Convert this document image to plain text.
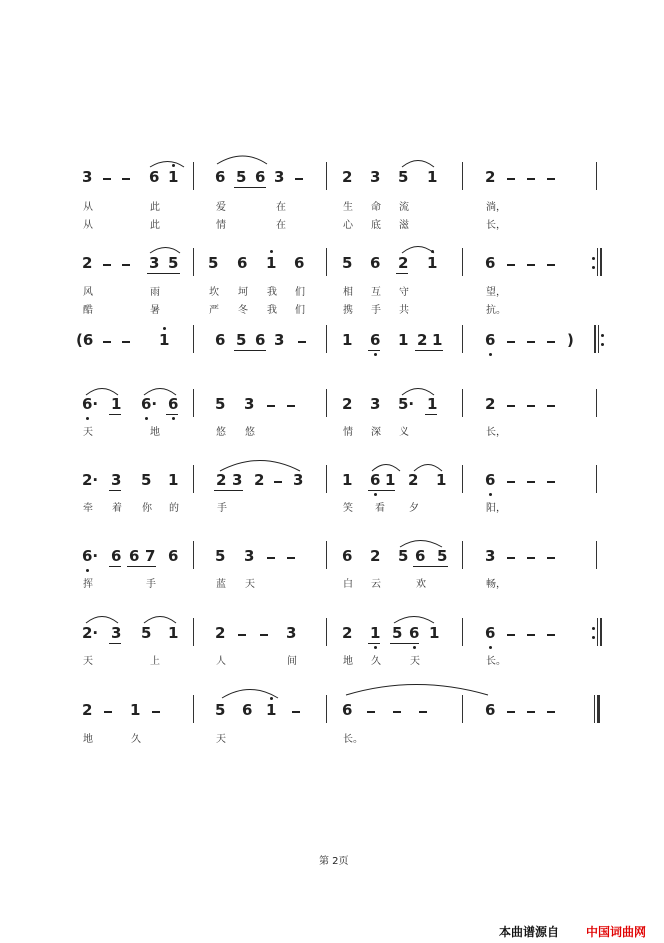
3	6 1 6 5 6 3	2 3 5 1	2
从	此	爱	在	生 命 流	淌，
从	此	情	在	心 底 滋	长，
2	3 5 5 6 1 6	5 6 2 1	6
风	雨	坎 坷 我 们	相 互 守	望，
酷	暑	严 冬 我 们	携 手 共	抗。
(6	1	6 5 6 3	1 6 1 2 1	6	)
6· 1 6· 6 5 3	2 3 5· 1	2
天	地	悠 悠	情 深 义	长，
2· 3 5 1	2 3 2 3	1 6 1 2 1	6
牵 着 你 的	手	笑 看 夕	阳，
6· 6 6 7 6 5 3	6 2 5 6 5	3
挥	手	蓝 天	白 云	欢	畅，
2· 3 5 1 2	3	2 1 5 6 1	6
天	上	人	间	地 久	天	长。
2	1	5 6 1	6	6
地	久	天	长。
第 2页
本曲谱源自 中国词曲网
